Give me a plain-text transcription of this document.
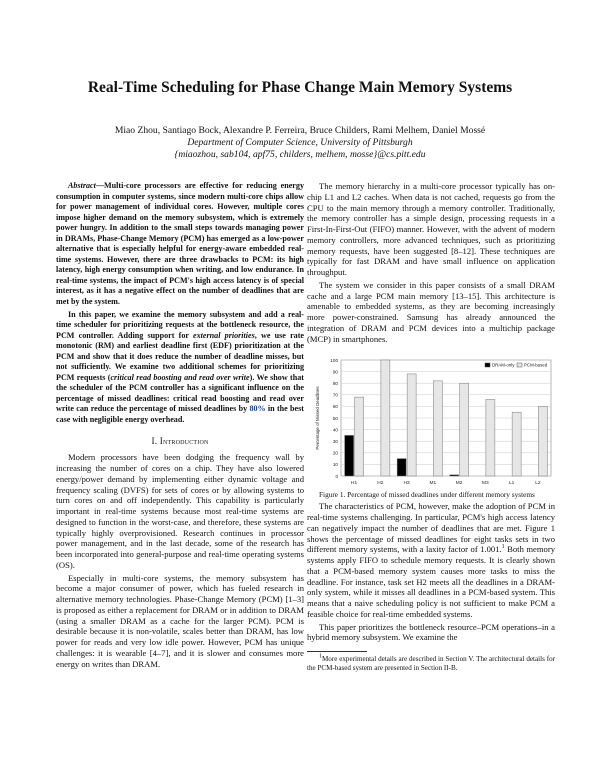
Real-Time Scheduling for Phase Change Main Memory Systems
Miao Zhou, Santiago Bock, Alexandre P. Ferreira, Bruce Childers, Rami Melhem, Daniel Mossé
Department of Computer Science, University of Pittsburgh
{miaozhou, sab104, apf75, childers, melhem, mosse}@cs.pitt.edu

Abstract—Multi-core processors are effective for reducing energy consumption in computer systems, since modern multi-core chips allow for power management of individual cores. However, multiple cores impose higher demand on the memory subsystem, which is extremely power hungry. In addition to the small steps towards managing power in DRAMs, Phase-Change Memory (PCM) has emerged as a low-power alternative that is especially helpful for energy-aware embedded real-time systems. However, there are three drawbacks to PCM: its high latency, high energy consumption when writing, and low endurance. In real-time systems, the impact of PCM's high access latency is of special interest, as it has a negative effect on the number of deadlines that are met by the system.

In this paper, we examine the memory subsystem and add a real-time scheduler for prioritizing requests at the bottleneck resource, the PCM controller. Adding support for external priorities, we use rate monotonic (RM) and earliest deadline first (EDF) prioritization at the PCM and show that it does reduce the number of deadline misses, but not sufficiently. We examine two additional schemes for prioritizing PCM requests (critical read boosting and read over write). We show that the scheduler of the PCM controller has a significant influence on the percentage of missed deadlines: critical read boosting and read over write can reduce the percentage of missed deadlines by 80% in the best case with negligible energy overhead.

I. Introduction

Modern processors have been dodging the frequency wall by increasing the number of cores on a chip. They have also lowered energy/power demand by implementing either dynamic voltage and frequency scaling (DVFS) for sets of cores or by allowing systems to turn cores on and off independently. This capability is particularly important in real-time systems because most real-time systems are designed to function in the worst-case, and therefore, these systems are typically highly overprovisioned. Research continues in processor power management, and in the last decade, some of the research has been incorporated into general-purpose and real-time operating systems (OS).

Especially in multi-core systems, the memory subsystem has become a major consumer of power, which has fueled research in alternative memory technologies. Phase-Change Memory (PCM) [1–3] is proposed as either a replacement for DRAM or in addition to DRAM (using a smaller DRAM as a cache for the larger PCM). PCM is desirable because it is non-volatile, scales better than DRAM, has low power for reads and very low idle power. However, PCM has unique challenges: it is wearable [4–7], and it is slower and consumes more energy on writes than DRAM.

The memory hierarchy in a multi-core processor typically has on-chip L1 and L2 caches. When data is not cached, requests go from the CPU to the main memory through a memory controller. Traditionally, the memory controller has a simple design, processing requests in a First-In-First-Out (FIFO) manner. However, with the advent of modern memory controllers, more advanced techniques, such as prioritizing memory requests, have been suggested [8–12]. These techniques are typically for fast DRAM and have small influence on application throughput.

The system we consider in this paper consists of a small DRAM cache and a large PCM main memory [13–15]. This architecture is amenable to embedded systems, as they are becoming increasingly more power-constrained. Samsung has already announced the integration of DRAM and PCM devices into a multichip package (MCP) in smartphones.

0
10
20
30
40
50
60
70
80
90
100
Percentage of Missed Deadlines
H1	H2	H3	M1	M2	M3	L1	L2
DRAM-only PCM-based

Figure 1. Percentage of missed deadlines under different memory systems

The characteristics of PCM, however, make the adoption of PCM in real-time systems challenging. In particular, PCM's high access latency can negatively impact the number of deadlines that are met. Figure 1 shows the percentage of missed deadlines for eight tasks sets in two different memory systems, with a laxity factor of 1.001.$^1$ Both memory systems apply FIFO to schedule memory requests. It is clearly shown that a PCM-based memory system causes more tasks to miss the deadline. For instance, task set H2 meets all the deadlines in a DRAM-only system, while it misses all deadlines in a PCM-based system. This means that a naive scheduling policy is not sufficient to make PCM a feasible choice for real-time embedded systems.

This paper prioritizes the bottleneck resource–PCM operations–in a hybrid memory subsystem. We examine the

$^1$More experimental details are described in Section V. The architectural details for the PCM-based system are presented in Section II-B.
